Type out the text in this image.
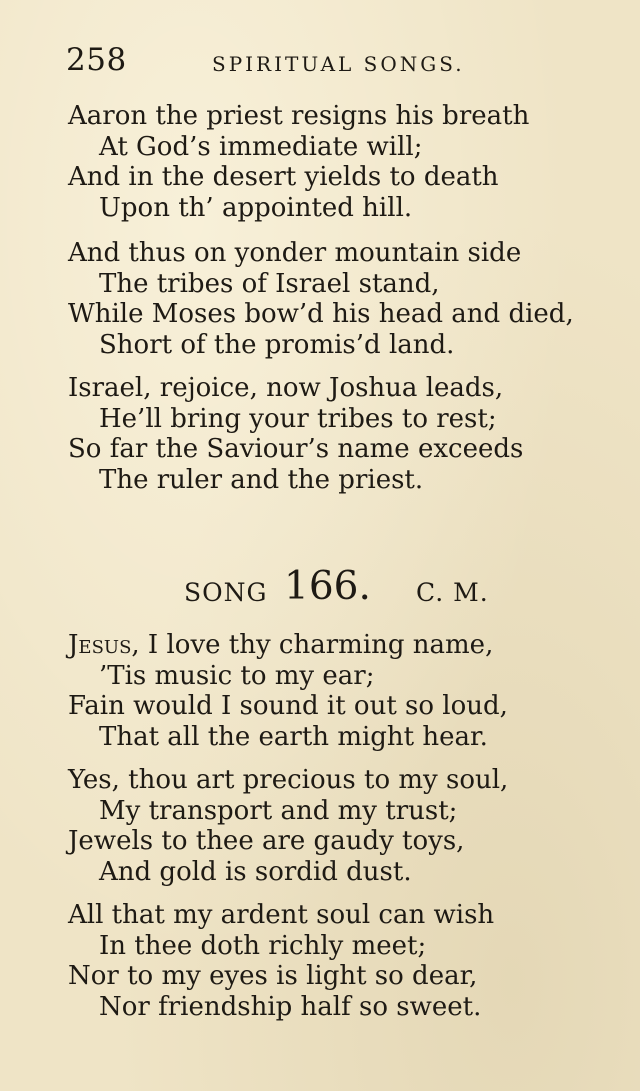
258	SPIRITUAL SONGS.
Aaron the priest resigns his breath
At God’s immediate will;
And in the desert yields to death
Upon th’ appointed hill.
And thus on yonder mountain side
The tribes of Israel stand,
While Moses bow’d his head and died,
Short of the promis’d land.
Israel, rejoice, now Joshua leads,
He’ll bring your tribes to rest;
So far the Saviour’s name exceeds
The ruler and the priest.
SONG 166. C. M.
Jesus, I love thy charming name,
’Tis music to my ear;
Fain would I sound it out so loud,
That all the earth might hear.
Yes, thou art precious to my soul,
My transport and my trust;
Jewels to thee are gaudy toys,
And gold is sordid dust.
All that my ardent soul can wish
In thee doth richly meet;
Nor to my eyes is light so dear,
Nor friendship half so sweet.
